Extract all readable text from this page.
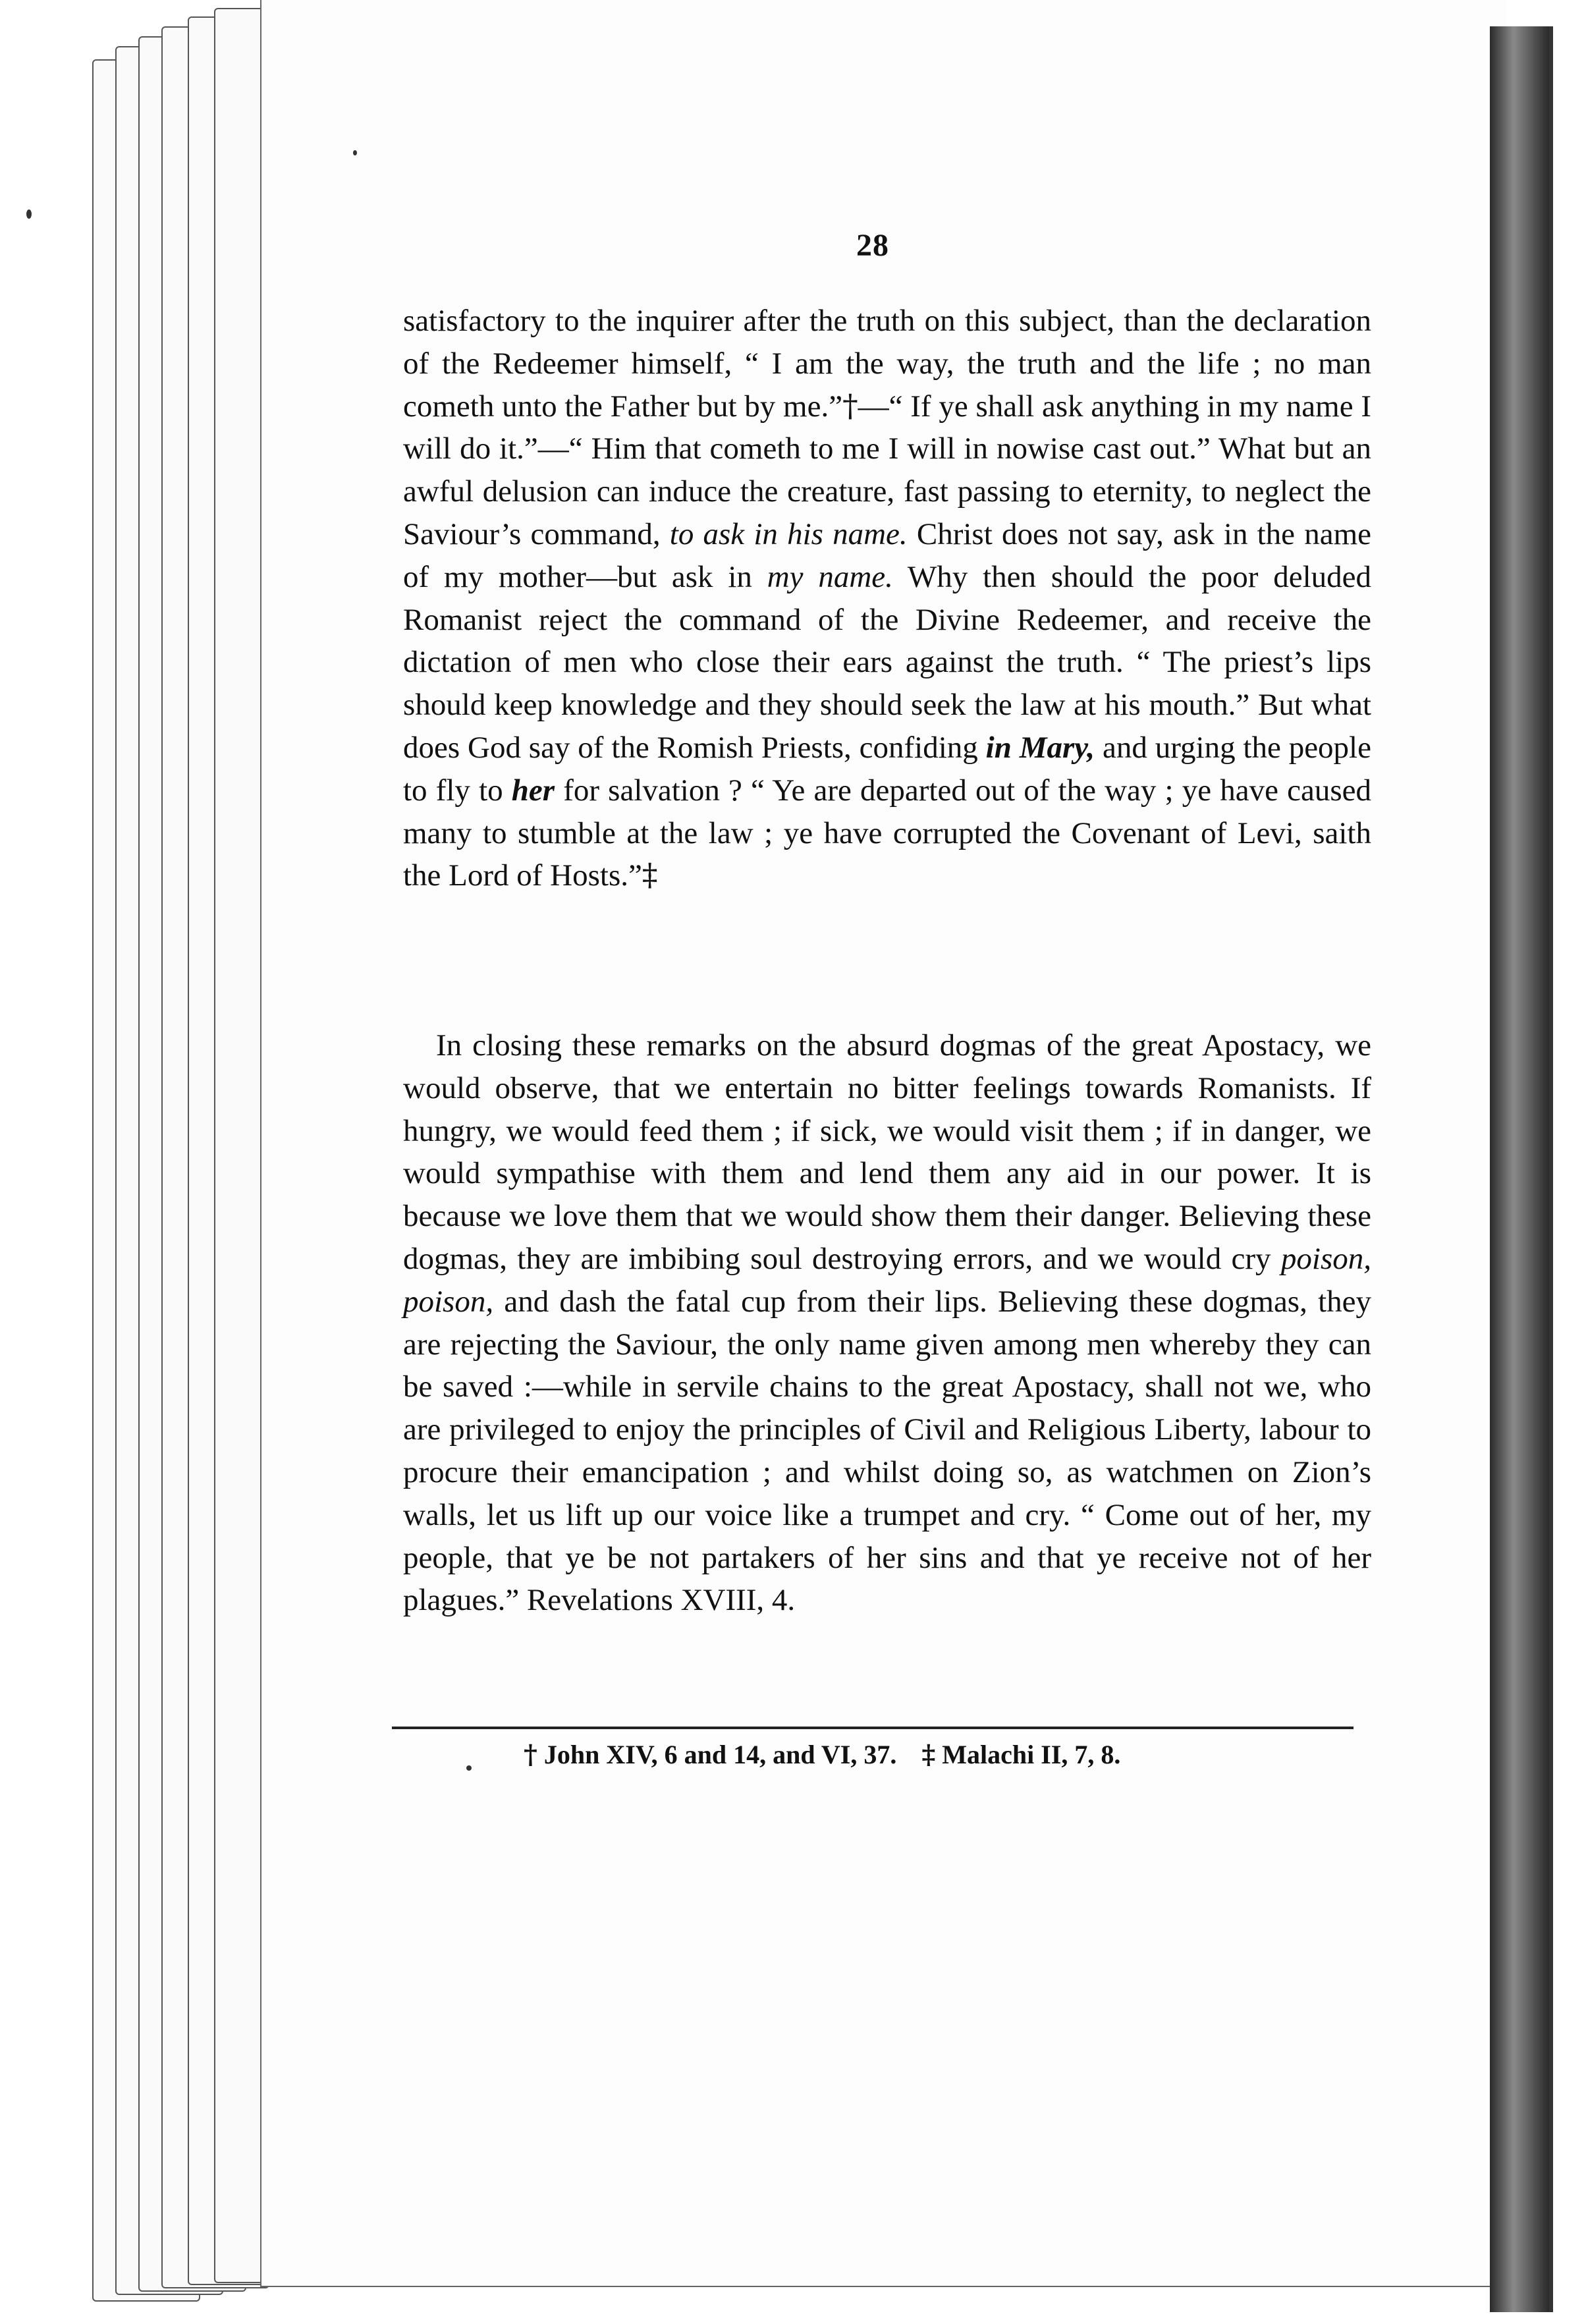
28
satisfactory to the inquirer after the truth on this subject, than the declaration of the Redeemer himself, “ I am the way, the truth and the life ; no man cometh unto the Father but by me.”†—“ If ye shall ask anything in my name I will do it.”—“ Him that cometh to me I will in nowise cast out.” What but an awful delusion can induce the creature, fast passing to eternity, to neglect the Saviour’s command, to ask in his name. Christ does not say, ask in the name of my mother—but ask in my name. Why then should the poor deluded Romanist reject the command of the Divine Redeemer, and receive the dictation of men who close their ears against the truth. “ The priest’s lips should keep knowledge and they should seek the law at his mouth.” But what does God say of the Romish Priests, confiding in Mary, and urging the people to fly to her for salvation ? “ Ye are departed out of the way ; ye have caused many to stumble at the law ; ye have corrupted the Covenant of Levi, saith the Lord of Hosts.”‡
In closing these remarks on the absurd dogmas of the great Apostacy, we would observe, that we entertain no bitter feelings towards Romanists. If hungry, we would feed them ; if sick, we would visit them ; if in danger, we would sympathise with them and lend them any aid in our power. It is because we love them that we would show them their danger. Believing these dogmas, they are imbibing soul destroying errors, and we would cry poison, poison, and dash the fatal cup from their lips. Believing these dogmas, they are rejecting the Saviour, the only name given among men whereby they can be saved :—while in servile chains to the great Apostacy, shall not we, who are privileged to enjoy the principles of Civil and Religious Liberty, labour to procure their emancipation ; and whilst doing so, as watchmen on Zion’s walls, let us lift up our voice like a trumpet and cry. “ Come out of her, my people, that ye be not partakers of her sins and that ye receive not of her plagues.” Revelations XVIII, 4.
† John XIV, 6 and 14, and VI, 37. ‡ Malachi II, 7, 8.
